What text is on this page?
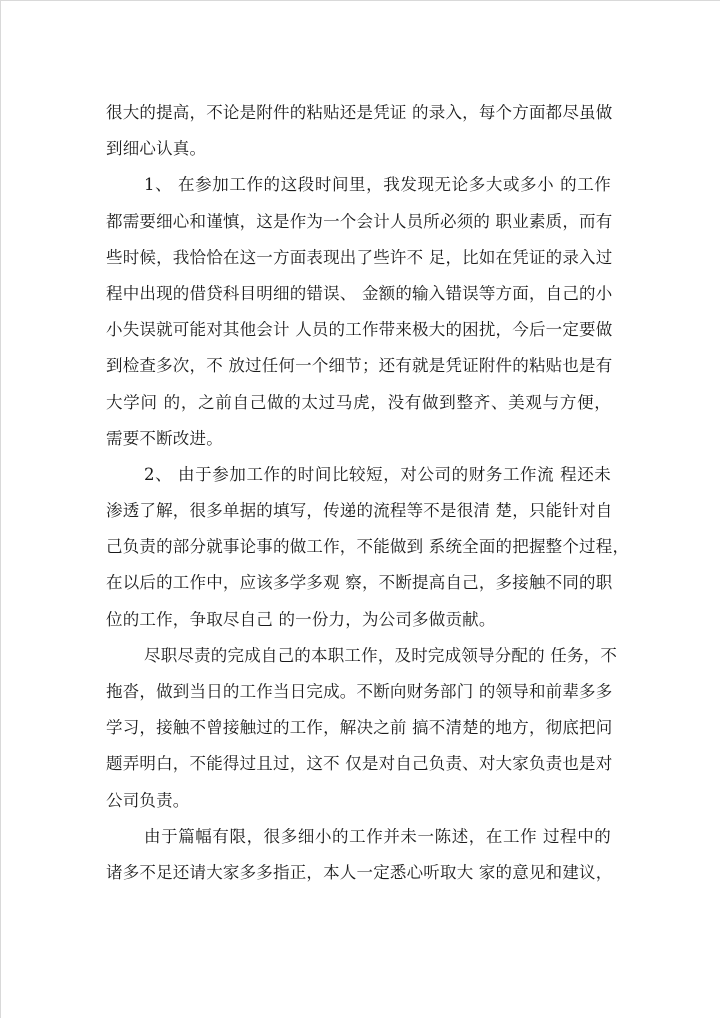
很大的提高，不论是附件的粘贴还是凭证 的录入，每个方面都尽虽做
到细心认真。
1、 在参加工作的这段时间里，我发现无论多大或多小 的工作
都需要细心和谨慎，这是作为一个会计人员所必须的 职业素质，而有
些时候，我恰恰在这一方面表现出了些许不 足，比如在凭证的录入过
程中出现的借贷科目明细的错误、 金额的输入错误等方面，自己的小
小失误就可能对其他会计 人员的工作带来极大的困扰，今后一定要做
到检查多次，不 放过任何一个细节；还有就是凭证附件的粘贴也是有
大学问 的，之前自己做的太过马虎，没有做到整齐、美观与方便，
需要不断改进。
2、 由于参加工作的时间比较短，对公司的财务工作流 程还未
渗透了解，很多单据的填写，传递的流程等不是很清 楚，只能针对自
己负责的部分就事论事的做工作，不能做到 系统全面的把握整个过程，
在以后的工作中，应该多学多观 察，不断提高自己，多接触不同的职
位的工作，争取尽自己 的一份力，为公司多做贡献。
尽职尽责的完成自己的本职工作，及时完成领导分配的 任务，不
拖沓，做到当日的工作当日完成。不断向财务部门 的领导和前辈多多
学习，接触不曾接触过的工作，解决之前 搞不清楚的地方，彻底把问
题弄明白，不能得过且过，这不 仅是对自己负责、对大家负责也是对
公司负责。
由于篇幅有限，很多细小的工作并未一陈述，在工作 过程中的
诸多不足还请大家多多指正，本人一定悉心听取大 家的意见和建议，
